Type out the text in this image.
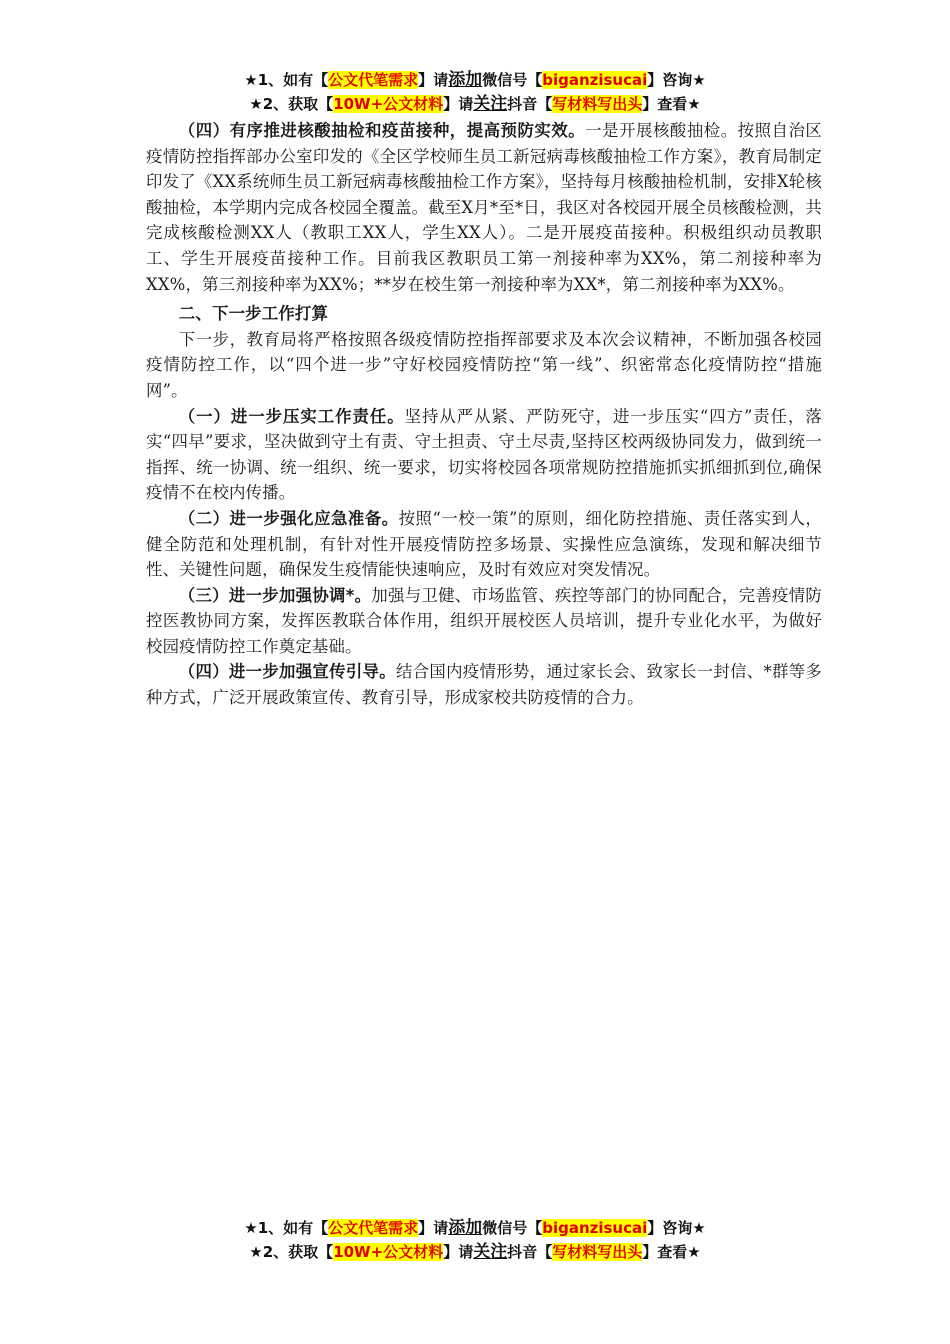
★1、如有【公文代笔需求】请添加微信号【biganzisucai】咨询★
★2、获取【10W+公文材料】请关注抖音【写材料写出头】查看★

（四）有序推进核酸抽检和疫苗接种，提高预防实效。一是开展核酸抽检。按照自治区疫情防控指挥部办公室印发的《全区学校师生员工新冠病毒核酸抽检工作方案》，教育局制定印发了《XX系统师生员工新冠病毒核酸抽检工作方案》，坚持每月核酸抽检机制，安排X轮核酸抽检，本学期内完成各校园全覆盖。截至X月*至*日，我区对各校园开展全员核酸检测，共完成核酸检测XX人（教职工XX人，学生XX人）。二是开展疫苗接种。积极组织动员教职工、学生开展疫苗接种工作。目前我区教职员工第一剂接种率为XX%，第二剂接种率为XX%，第三剂接种率为XX%；**岁在校生第一剂接种率为XX*，第二剂接种率为XX%。

二、下一步工作打算

下一步，教育局将严格按照各级疫情防控指挥部要求及本次会议精神，不断加强各校园疫情防控工作，以“四个进一步”守好校园疫情防控“第一线”、织密常态化疫情防控“措施网”。

（一）进一步压实工作责任。坚持从严从紧、严防死守，进一步压实“四方”责任，落实“四早”要求，坚决做到守土有责、守土担责、守土尽责,坚持区校两级协同发力，做到统一指挥、统一协调、统一组织、统一要求，切实将校园各项常规防控措施抓实抓细抓到位,确保疫情不在校内传播。

（二）进一步强化应急准备。按照“一校一策”的原则，细化防控措施、责任落实到人，健全防范和处理机制，有针对性开展疫情防控多场景、实操性应急演练，发现和解决细节性、关键性问题，确保发生疫情能快速响应，及时有效应对突发情况。

（三）进一步加强协调*。加强与卫健、市场监管、疾控等部门的协同配合，完善疫情防控医教协同方案，发挥医教联合体作用，组织开展校医人员培训，提升专业化水平，为做好校园疫情防控工作奠定基础。

（四）进一步加强宣传引导。结合国内疫情形势，通过家长会、致家长一封信、*群等多种方式，广泛开展政策宣传、教育引导，形成家校共防疫情的合力。

★1、如有【公文代笔需求】请添加微信号【biganzisucai】咨询★
★2、获取【10W+公文材料】请关注抖音【写材料写出头】查看★
